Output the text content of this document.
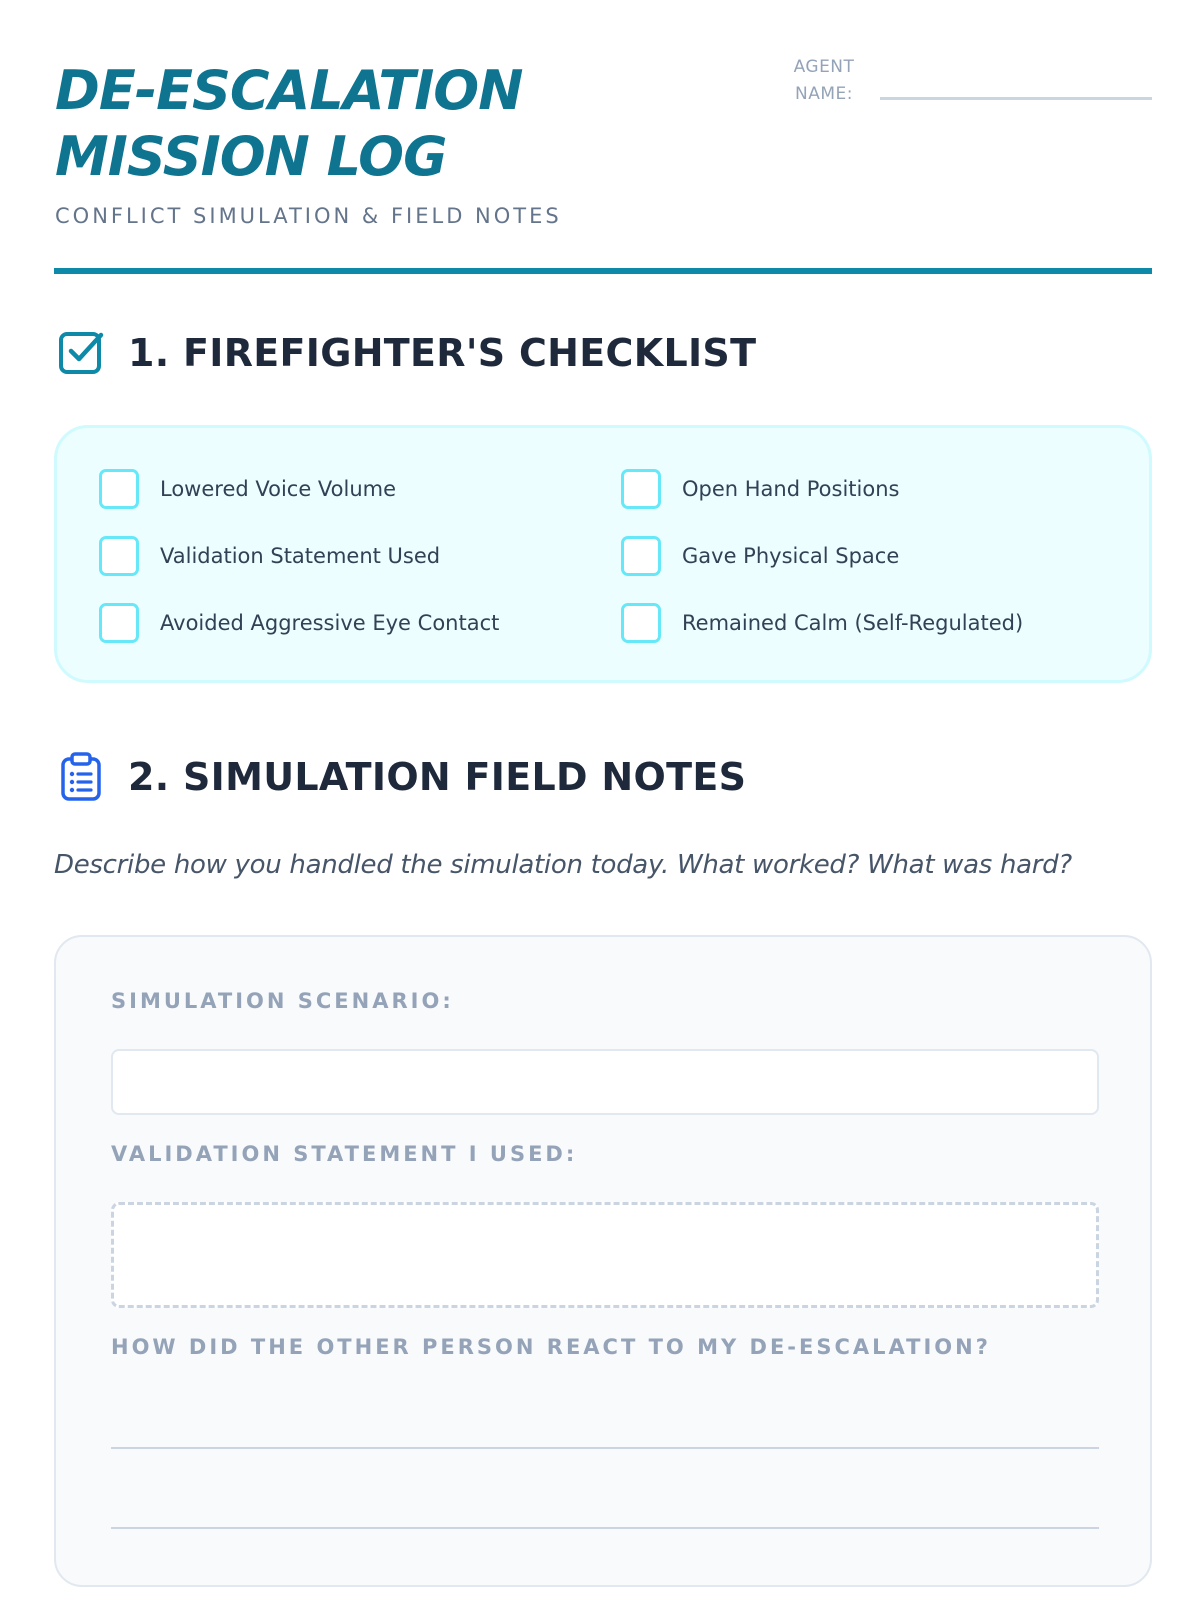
DE-ESCALATION
MISSION LOG
CONFLICT SIMULATION & FIELD NOTES
AGENT
NAME:
1. FIREFIGHTER'S CHECKLIST
Lowered Voice Volume	Open Hand Positions
Validation Statement Used	Gave Physical Space
Avoided Aggressive Eye Contact	Remained Calm (Self-Regulated)
2. SIMULATION FIELD NOTES
Describe how you handled the simulation today. What worked? What was hard?
SIMULATION SCENARIO:
VALIDATION STATEMENT I USED:
HOW DID THE OTHER PERSON REACT TO MY DE-ESCALATION?
